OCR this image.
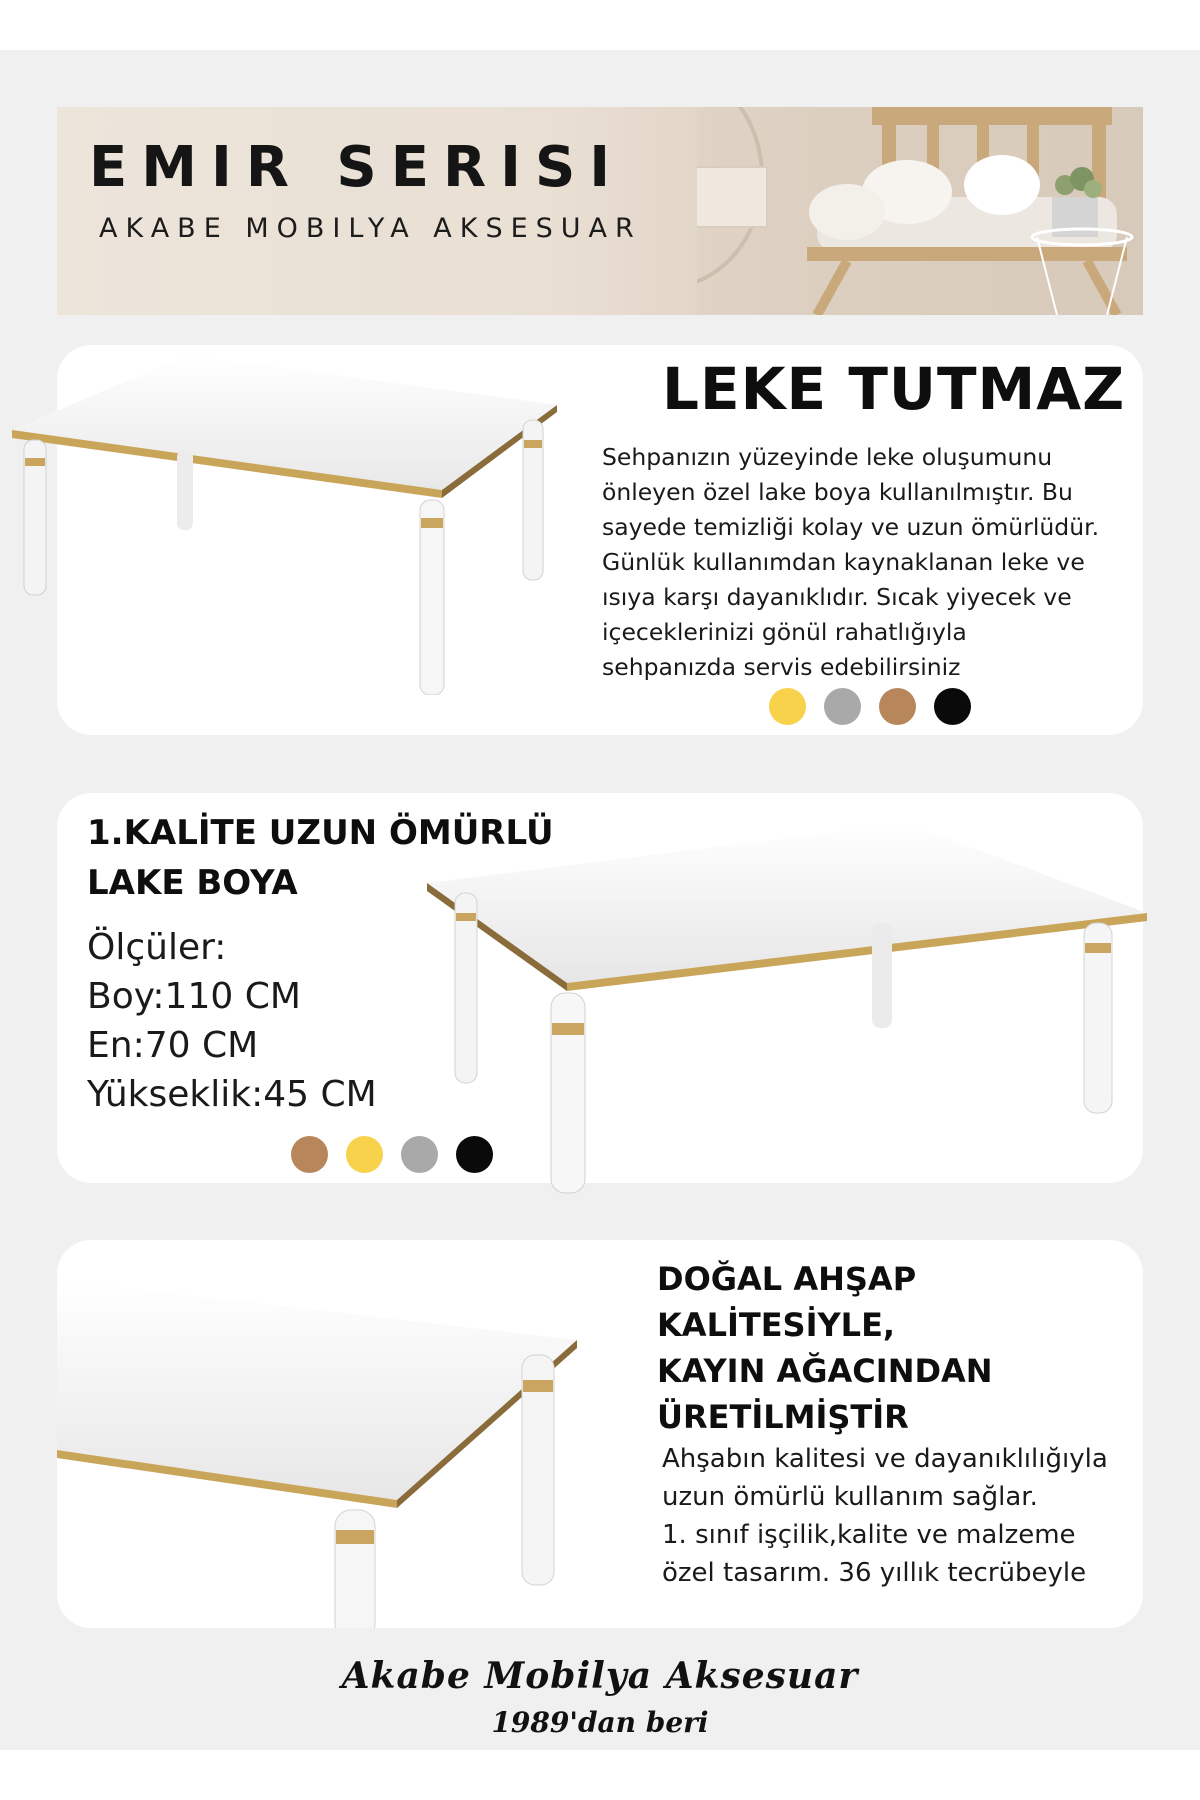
EMIR SERISI
AKABE MOBILYA AKSESUAR
LEKE TUTMAZ
Sehpanızın yüzeyinde leke oluşumunu
önleyen özel lake boya kullanılmıştır. Bu
sayede temizliği kolay ve uzun ömürlüdür.
Günlük kullanımdan kaynaklanan leke ve
ısıya karşı dayanıklıdır. Sıcak yiyecek ve
içeceklerinizi gönül rahatlığıyla
sehpanızda servis edebilirsiniz
1.KALİTE UZUN ÖMÜRLÜ
LAKE BOYA
Ölçüler:
Boy:110 CM
En:70 CM
Yükseklik:45 CM
DOĞAL AHŞAP
KALİTESİYLE,
KAYIN AĞACINDAN
ÜRETİLMİŞTİR
Ahşabın kalitesi ve dayanıklılığıyla
uzun ömürlü kullanım sağlar.
1. sınıf işçilik,kalite ve malzeme
özel tasarım. 36 yıllık tecrübeyle
Akabe Mobilya Aksesuar
1989'dan beri
